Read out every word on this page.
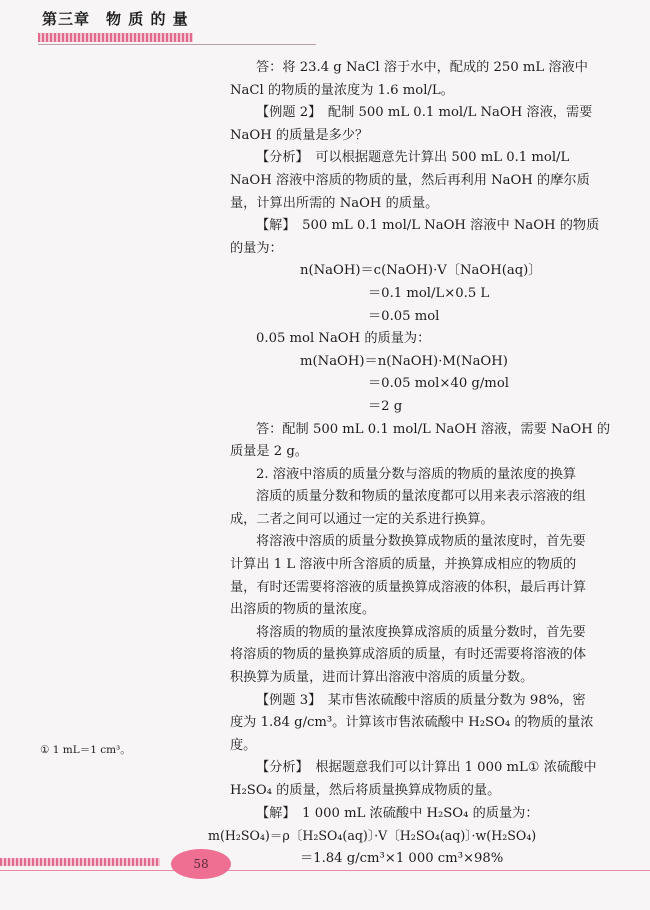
第三章　物 质 的 量

答：将 23.4 g NaCl 溶于水中，配成的 250 mL 溶液中

NaCl 的物质的量浓度为 1.6 mol/L。

【例题 2】　配制 500 mL 0.1 mol/L NaOH 溶液，需要

NaOH 的质量是多少？

【分析】　可以根据题意先计算出 500 mL 0.1 mol/L

NaOH 溶液中溶质的物质的量，然后再利用 NaOH 的摩尔质

量，计算出所需的 NaOH 的质量。

【解】　500 mL 0.1 mol/L NaOH 溶液中 NaOH 的物质

的量为：

n(NaOH)＝c(NaOH)·V〔NaOH(aq)〕

＝0.1 mol/L×0.5 L

＝0.05 mol

0.05 mol NaOH 的质量为：

m(NaOH)＝n(NaOH)·M(NaOH)

＝0.05 mol×40 g/mol

＝2 g

答：配制 500 mL 0.1 mol/L NaOH 溶液，需要 NaOH 的

质量是 2 g。

2. 溶液中溶质的质量分数与溶质的物质的量浓度的换算

溶质的质量分数和物质的量浓度都可以用来表示溶液的组

成，二者之间可以通过一定的关系进行换算。

将溶液中溶质的质量分数换算成物质的量浓度时，首先要

计算出 1 L 溶液中所含溶质的质量，并换算成相应的物质的

量，有时还需要将溶液的质量换算成溶液的体积，最后再计算

出溶质的物质的量浓度。

将溶质的物质的量浓度换算成溶质的质量分数时，首先要

将溶质的物质的量换算成溶质的质量，有时还需要将溶液的体

积换算为质量，进而计算出溶液中溶质的质量分数。

【例题 3】　某市售浓硫酸中溶质的质量分数为 98%，密

度为 1.84 g/cm³。计算该市售浓硫酸中 H₂SO₄ 的物质的量浓

度。

【分析】　根据题意我们可以计算出 1 000 mL① 浓硫酸中

H₂SO₄ 的质量，然后将质量换算成物质的量。

【解】　1 000 mL 浓硫酸中 H₂SO₄ 的质量为：

m(H₂SO₄)＝ρ〔H₂SO₄(aq)〕·V〔H₂SO₄(aq)〕·w(H₂SO₄)

＝1.84 g/cm³×1 000 cm³×98%

① 1 mL＝1 cm³。
58
